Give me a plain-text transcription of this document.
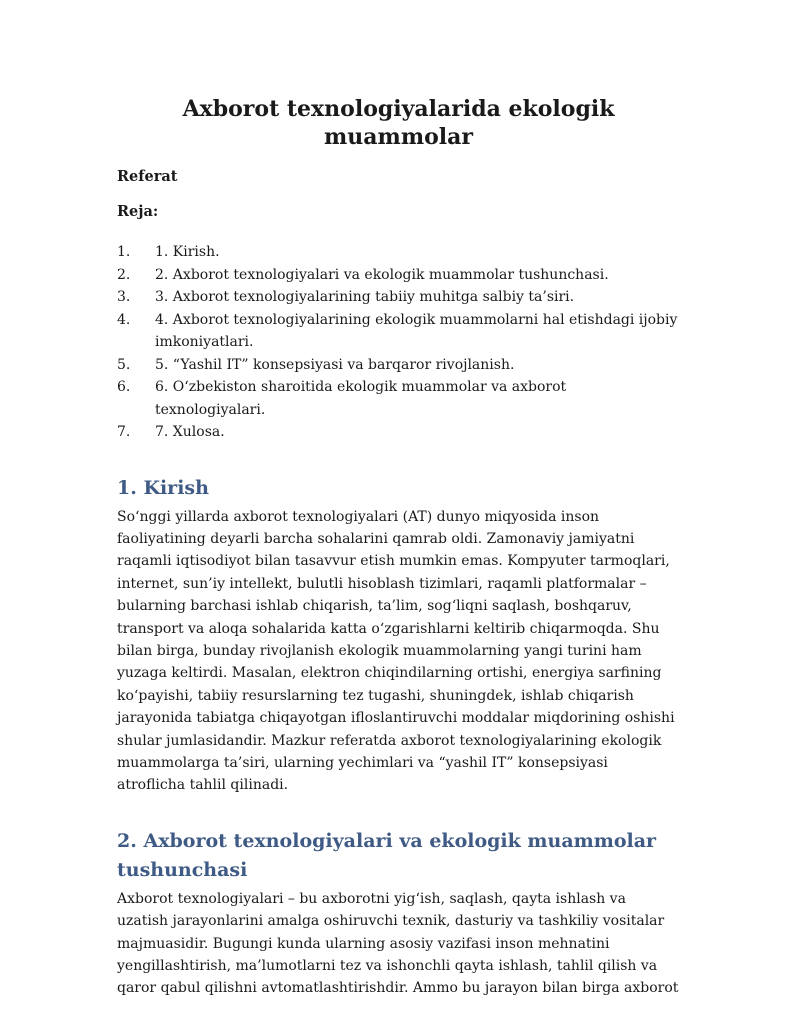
Axborot texnologiyalarida ekologik muammolar

Referat

Reja:

1.	1. Kirish.
2.	2. Axborot texnologiyalari va ekologik muammolar tushunchasi.
3.	3. Axborot texnologiyalarining tabiiy muhitga salbiy ta’siri.
4.	4. Axborot texnologiyalarining ekologik muammolarni hal etishdagi ijobiy imkoniyatlari.
5.	5. “Yashil IT” konsepsiyasi va barqaror rivojlanish.
6.	6. O‘zbekiston sharoitida ekologik muammolar va axborot texnologiyalari.
7.	7. Xulosa.
1. Kirish

So‘nggi yillarda axborot texnologiyalari (AT) dunyo miqyosida inson faoliyatining deyarli barcha sohalarini qamrab oldi. Zamonaviy jamiyatni raqamli iqtisodiyot bilan tasavvur etish mumkin emas. Kompyuter tarmoqlari, internet, sun’iy intellekt, bulutli hisoblash tizimlari, raqamli platformalar – bularning barchasi ishlab chiqarish, ta’lim, sog‘liqni saqlash, boshqaruv, transport va aloqa sohalarida katta o‘zgarishlarni keltirib chiqarmoqda. Shu bilan birga, bunday rivojlanish ekologik muammolarning yangi turini ham yuzaga keltirdi. Masalan, elektron chiqindilarning ortishi, energiya sarfining ko‘payishi, tabiiy resurslarning tez tugashi, shuningdek, ishlab chiqarish jarayonida tabiatga chiqayotgan ifloslantiruvchi moddalar miqdorining oshishi shular jumlasidandir. Mazkur referatda axborot texnologiyalarining ekologik muammolarga ta’siri, ularning yechimlari va “yashil IT” konsepsiyasi atroflicha tahlil qilinadi.

2. Axborot texnologiyalari va ekologik muammolar tushunchasi

Axborot texnologiyalari – bu axborotni yig‘ish, saqlash, qayta ishlash va uzatish jarayonlarini amalga oshiruvchi texnik, dasturiy va tashkiliy vositalar majmuasidir. Bugungi kunda ularning asosiy vazifasi inson mehnatini yengillashtirish, ma’lumotlarni tez va ishonchli qayta ishlash, tahlil qilish va qaror qabul qilishni avtomatlashtirishdir. Ammo bu jarayon bilan birga axborot
